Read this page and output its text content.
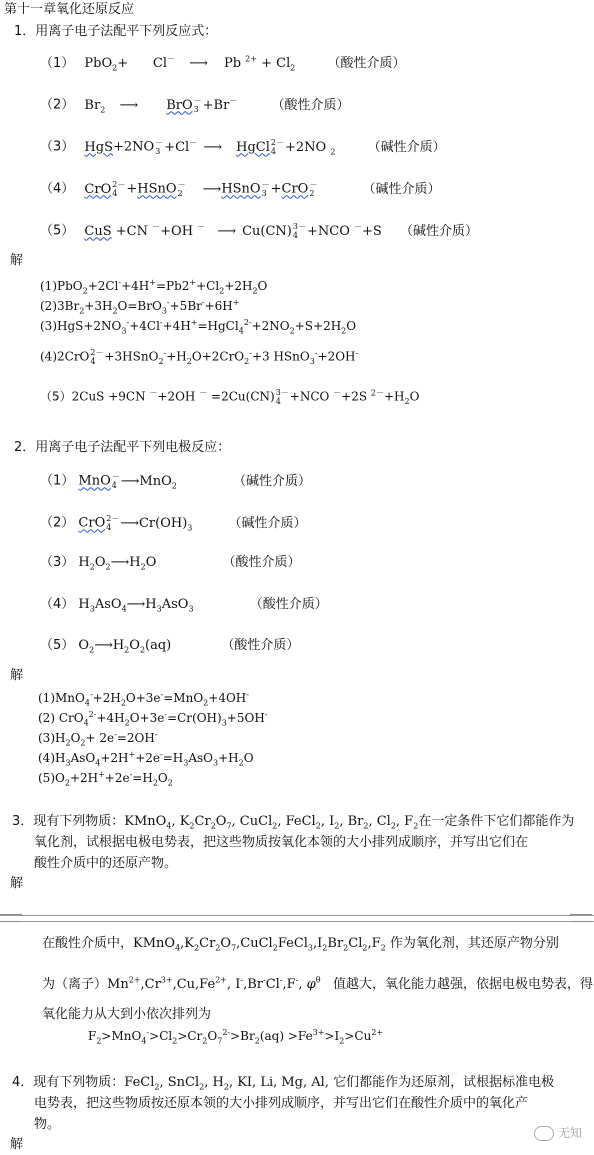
第十一章氧化还原反应
1．用离子电子法配平下列反应式：
（1） PbO$_2$+      Cl－ ⟶ Pb $^{2+} + Cl_2$ （酸性介质）
（2） $Br_2$ ⟶ BrO －
3 +Br－	（酸性介质）
（3） HgS+2NO －
3 +Cl－ ⟶ HgCl 2－
4 +2NO $_2$ （碱性介质）
（4） CrO 2－
4 +HSnO －
2 ⟶HSnO －
3 +CrO －
2	（碱性介质）
（5） CuS +CN －+OH － ⟶ Cu(CN) 3－
4 +NCO －+S （碱性介质）
解
$(1)PbO_2+2Cl^-+4H^+=Pb2^++Cl_2+2H_2O$
$(2)3Br_2+3H_2O=BrO_3^-+5Br^-+6H^+$
$(3)HgS+2NO_3^-+4Cl^-+4H^+=HgCl_4^{2-}+2NO_2+S+2H_2O$
(4)2CrO 2－
$4 +3HSnO_2^-+H_2O+2CrO_2^-+3$ HSnO$_3$-+2OH-
（5）2CuS +9CN －+2OH － =2Cu(CN) 3－
4 +NCO －+2S $^{2-}+H_2O$
2．用离子电子法配平下列电极反应：
（1） MnO －
4 ⟶MnO$_2$	（碱性介质）
（2） CrO 2－
4 $⟶Cr(OH)_3$	（碱性介质）
（3） $H_2O_2⟶H_2O$	（酸性介质）
（4） $H_3AsO_4⟶H_3AsO_3$	（酸性介质）
（5） $O_2⟶H_2O_2(aq)$	（酸性介质）
解
$(1)MnO_4^-+2H_2O+3e^-=MnO_2+4OH^-$
(2) $CrO_4^{2-}+4H_2O+3e^-=Cr(OH)_3+5OH^-$
$(3)H_2O_2+ 2e^-=2OH^-$
$(4)H_3AsO_4+2H^++2e^-=H_3AsO_3+H_2O$
$(5)O_2+2H^++2e^-=H_2O_2$
3．现有下列物质：KMnO$_4$, $K_2Cr_2O_7$, CuCl$_2$, FeCl$_2$, $I_2$, $Br_2$, $Cl_2$, $F_2$在一定条件下它们都能作为
氧化剂，试根据电极电势表，把这些物质按氧化本领的大小排列成顺序，并写出它们在
酸性介质中的还原产物。
解
在酸性介质中，$KMnO_4,K_2Cr_2O_7,CuCl_2FeCl_3,I_2Br_2Cl_2,F_2$ 作为氧化剂，其还原产物分别
为（离子）$Mn^{2+},Cr^{3+},Cu,Fe^{2+}$, I-,Br-Cl-,F-, $\varphi^\theta$   值越大，氧化能力越强，依据电极电势表，得
氧化能力从大到小依次排列为
$F_2>MnO_4^->Cl_2>Cr_2O_7^{2-}>Br_2(aq) >Fe^{3+}>I_2>Cu^{2+}$
4．现有下列物质：FeCl$_2$, SnCl$_2$, $H_2$, KI, Li, Mg, Al, 它们都能作为还原剂，试根据标准电极
电势表，把这些物质按还原本领的大小排列成顺序，并写出它们在酸性介质中的氧化产
物。
解
无知
